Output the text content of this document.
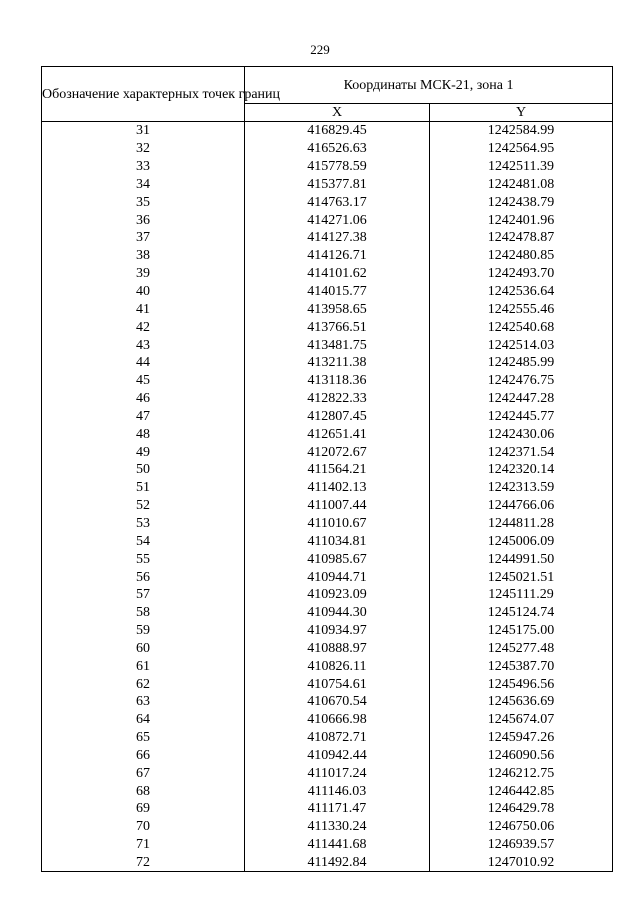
229
Обозначение характерных точек границ	Координаты МСК-21, зона 1	
	X	Y
31	416829.45	1242584.99
32	416526.63	1242564.95
33	415778.59	1242511.39
34	415377.81	1242481.08
35	414763.17	1242438.79
36	414271.06	1242401.96
37	414127.38	1242478.87
38	414126.71	1242480.85
39	414101.62	1242493.70
40	414015.77	1242536.64
41	413958.65	1242555.46
42	413766.51	1242540.68
43	413481.75	1242514.03
44	413211.38	1242485.99
45	413118.36	1242476.75
46	412822.33	1242447.28
47	412807.45	1242445.77
48	412651.41	1242430.06
49	412072.67	1242371.54
50	411564.21	1242320.14
51	411402.13	1242313.59
52	411007.44	1244766.06
53	411010.67	1244811.28
54	411034.81	1245006.09
55	410985.67	1244991.50
56	410944.71	1245021.51
57	410923.09	1245111.29
58	410944.30	1245124.74
59	410934.97	1245175.00
60	410888.97	1245277.48
61	410826.11	1245387.70
62	410754.61	1245496.56
63	410670.54	1245636.69
64	410666.98	1245674.07
65	410872.71	1245947.26
66	410942.44	1246090.56
67	411017.24	1246212.75
68	411146.03	1246442.85
69	411171.47	1246429.78
70	411330.24	1246750.06
71	411441.68	1246939.57
72	411492.84	1247010.92
